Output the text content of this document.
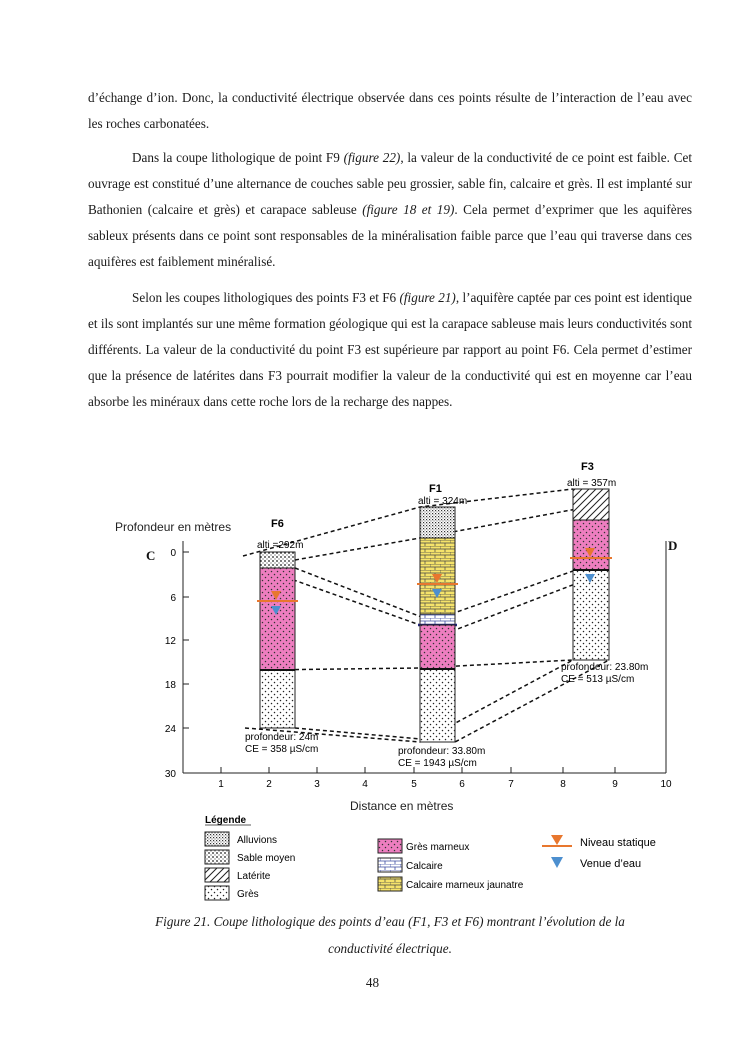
d’échange d’ion. Donc, la conductivité électrique observée dans ces points résulte de l’interaction de l’eau avec les roches carbonatées.

Dans la coupe lithologique de point F9 (figure 22), la valeur de la conductivité de ce point est faible. Cet ouvrage est constitué d’une alternance de couches sable peu grossier, sable fin, calcaire et grès. Il est implanté sur Bathonien (calcaire et grès) et carapace sableuse (figure 18 et 19). Cela permet d’exprimer que les aquifères sableux présents dans ce point sont responsables de la minéralisation faible parce que l’eau qui traverse dans ces aquifères est faiblement minéralisé.

Selon les coupes lithologiques des points F3 et F6 (figure 21), l’aquifère captée par ces point est identique et ils sont implantés sur une même formation géologique qui est la carapace sableuse mais leurs conductivités sont différents. La valeur de la conductivité du point F3 est supérieure par rapport au point F6. Cela permet d’estimer que la présence de latérites dans F3 pourrait modifier la valeur de la conductivité qui est en moyenne car l’eau absorbe les minéraux dans cette roche lors de la recharge des nappes.

Profondeur en mètres
Distance en mètres
C
D
0
6
12
18
24
30
1	2	3	4	5	6	7	8	9	10
F6
alti =292m
profondeur: 24m
CE = 358 µS/cm
F1
alti = 324m
profondeur: 33.80m
CE = 1943 µS/cm
F3
alti = 357m
profondeur: 23.80m
CE = 513 µS/cm
Légende
Alluvions
Sable moyen
Latérite
Grès
Grès marneux
Calcaire
Calcaire marneux jaunatre
Niveau statique
Venue d’eau

Figure 21. Coupe lithologique des points d’eau (F1, F3 et F6) montrant l’évolution de la
conductivité électrique.

48
